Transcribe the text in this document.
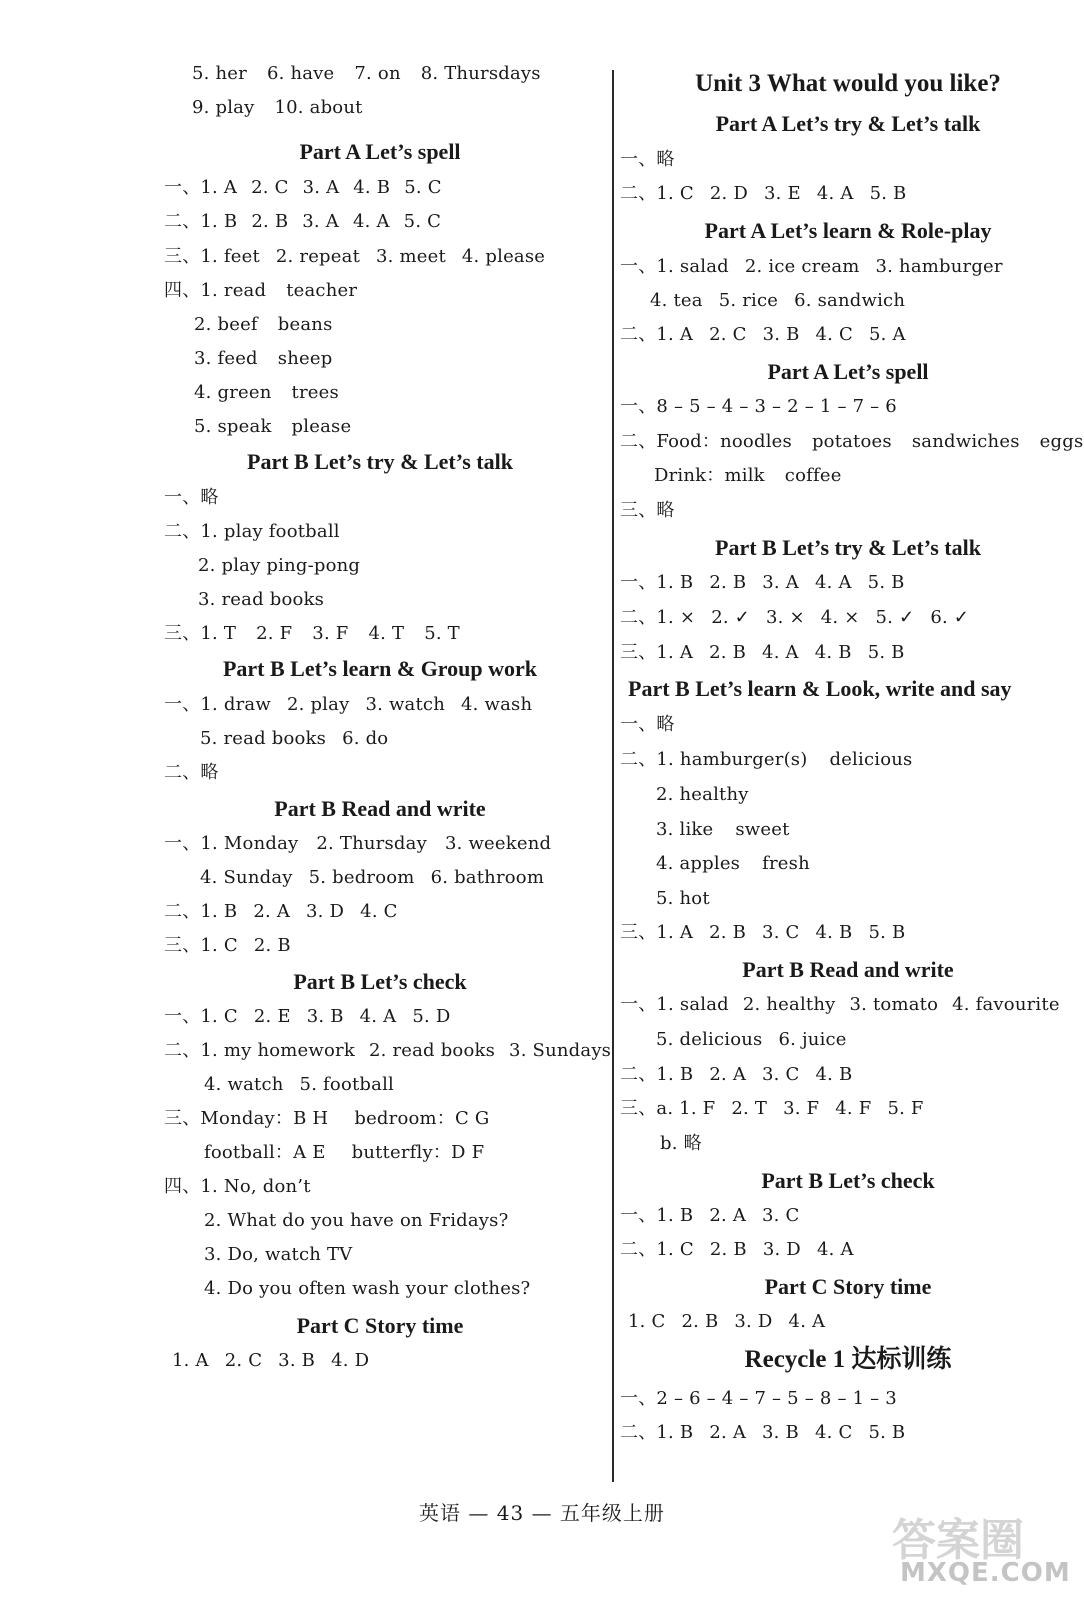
5. her 6. have 7. on 8. Thursdays
9. play 10. about
Part A Let’s spell
一、1. A 2. C 3. A 4. B 5. C
二、1. B 2. B 3. A 4. A 5. C
三、1. feet 2. repeat 3. meet 4. please
四、1. read teacher
2. beef beans
3. feed sheep
4. green trees
5. speak please
Part B Let’s try & Let’s talk
一、略
二、1. play football
2. play ping-pong
3. read books
三、1. T 2. F 3. F 4. T 5. T
Part B Let’s learn & Group work
一、1. draw 2. play 3. watch 4. wash
5. read books 6. do
二、略
Part B Read and write
一、1. Monday 2. Thursday 3. weekend
4. Sunday 5. bedroom 6. bathroom
二、1. B 2. A 3. D 4. C
三、1. C 2. B
Part B Let’s check
一、1. C 2. E 3. B 4. A 5. D
二、1. my homework 2. read books 3. Sundays
4. watch 5. football
三、Monday：B H bedroom：C G
football：A E butterfly：D F
四、1. No, don’t
2. What do you have on Fridays?
3. Do, watch TV
4. Do you often wash your clothes?
Part C Story time
1. A 2. C 3. B 4. D
Unit 3 What would you like?
Part A Let’s try & Let’s talk
一、略
二、1. C 2. D 3. E 4. A 5. B
Part A Let’s learn & Role-play
一、1. salad 2. ice cream 3. hamburger
4. tea 5. rice 6. sandwich
二、1. A 2. C 3. B 4. C 5. A
Part A Let’s spell
一、8 – 5 – 4 – 3 – 2 – 1 – 7 – 6
二、Food：noodles potatoes sandwiches eggs
Drink：milk coffee
三、略
Part B Let’s try & Let’s talk
一、1. B 2. B 3. A 4. A 5. B
二、1. × 2. ✓ 3. × 4. × 5. ✓ 6. ✓
三、1. A 2. B 4. A 4. B 5. B
Part B Let’s learn & Look, write and say
一、略
二、1. hamburger(s) delicious
2. healthy
3. like sweet
4. apples fresh
5. hot
三、1. A 2. B 3. C 4. B 5. B
Part B Read and write
一、1. salad 2. healthy 3. tomato 4. favourite
5. delicious 6. juice
二、1. B 2. A 3. C 4. B
三、a. 1. F 2. T 3. F 4. F 5. F
b. 略
Part B Let’s check
一、1. B 2. A 3. C
二、1. C 2. B 3. D 4. A
Part C Story time
1. C 2. B 3. D 4. A
Recycle 1 达标训练
一、2 – 6 – 4 – 7 – 5 – 8 – 1 – 3
二、1. B 2. A 3. B 4. C 5. B
英语 — 43 — 五年级上册
答案圈
MXQE.COM
